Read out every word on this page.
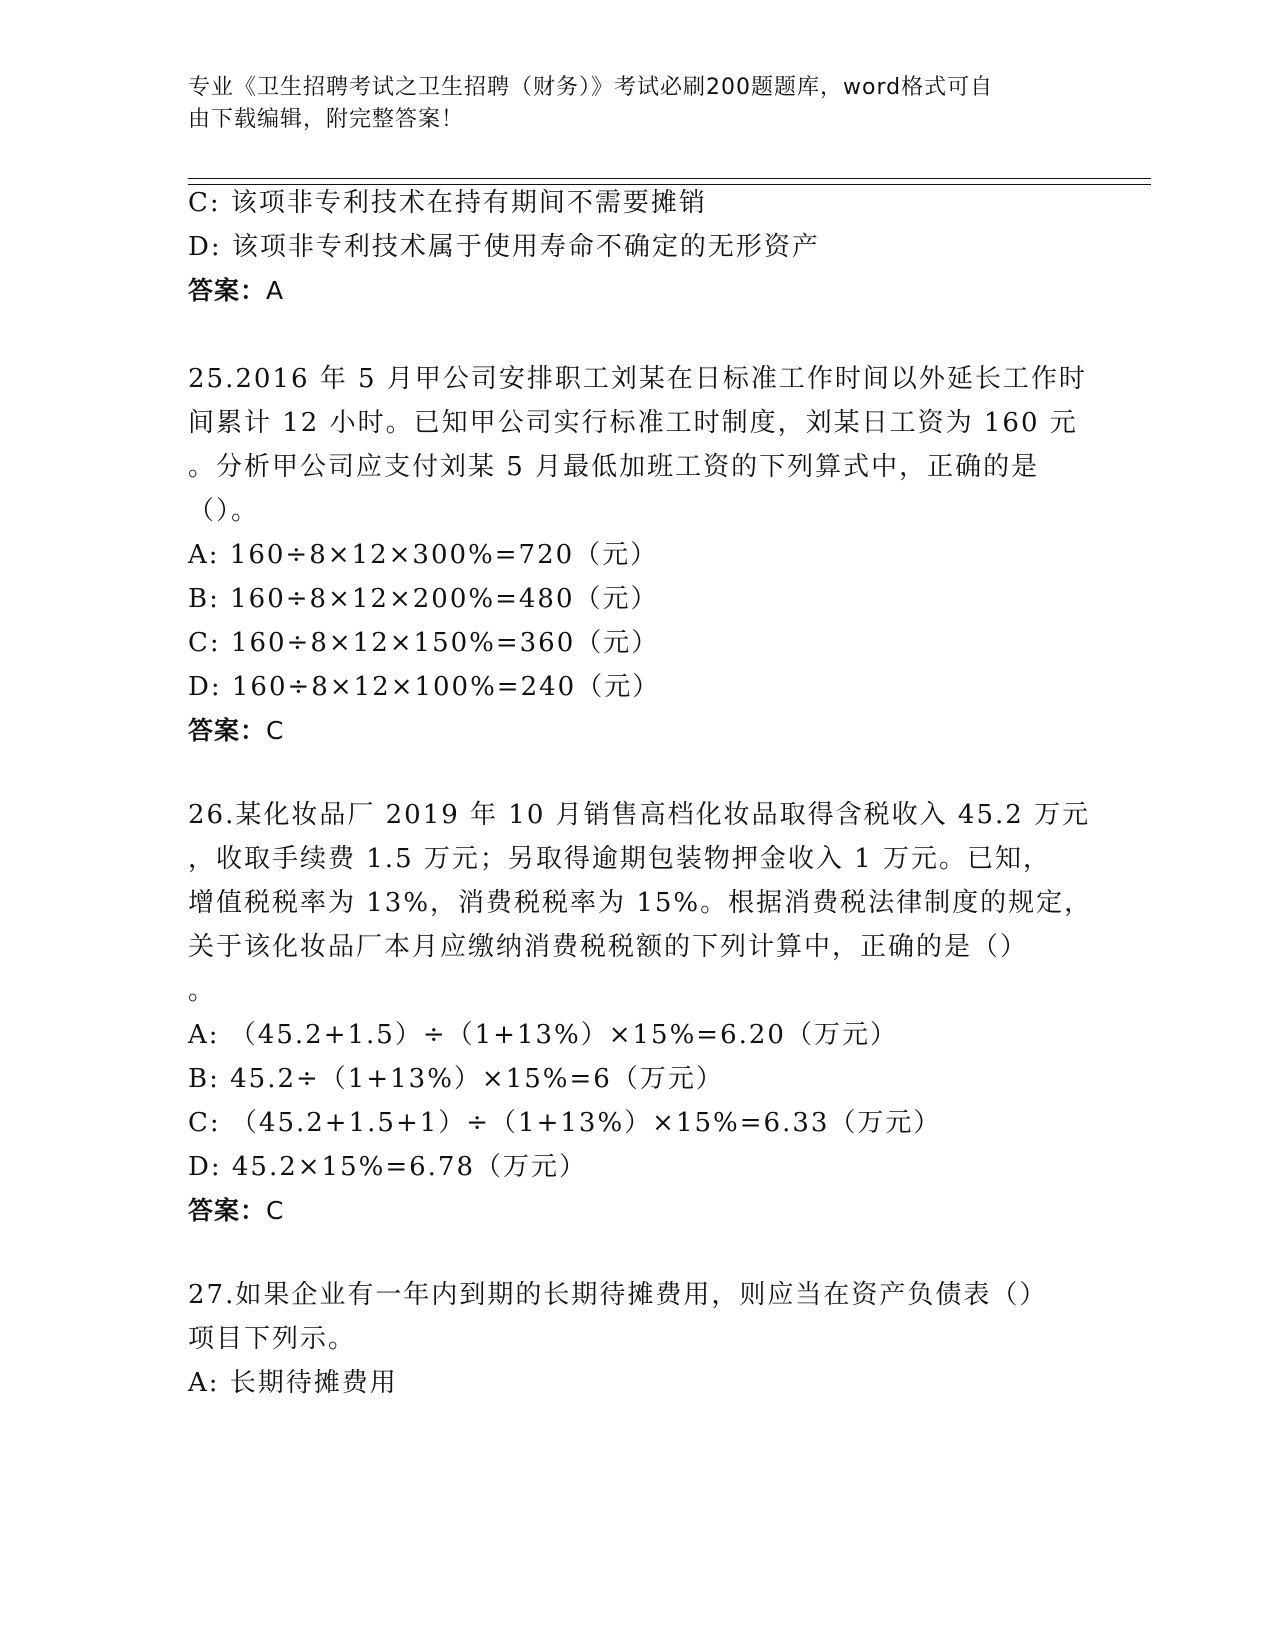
专业《卫生招聘考试之卫生招聘（财务）》考试必刷200题题库，word格式可自
由下载编辑，附完整答案！
C: 该项非专利技术在持有期间不需要摊销
D: 该项非专利技术属于使用寿命不确定的无形资产
答案：A
25.2016 年 5 月甲公司安排职工刘某在日标准工作时间以外延长工作时
间累计 12 小时。已知甲公司实行标准工时制度，刘某日工资为 160 元
。分析甲公司应支付刘某 5 月最低加班工资的下列算式中，正确的是
（）。
A: 160÷8×12×300%=720（元）
B: 160÷8×12×200%=480（元）
C: 160÷8×12×150%=360（元）
D: 160÷8×12×100%=240（元）
答案：C
26.某化妆品厂 2019 年 10 月销售高档化妆品取得含税收入 45.2 万元
，收取手续费 1.5 万元；另取得逾期包装物押金收入 1 万元。已知，
增值税税率为 13%，消费税税率为 15%。根据消费税法律制度的规定，
关于该化妆品厂本月应缴纳消费税税额的下列计算中，正确的是（）
。
A: （45.2+1.5）÷（1+13%）×15%=6.20（万元）
B: 45.2÷（1+13%）×15%=6（万元）
C: （45.2+1.5+1）÷（1+13%）×15%=6.33（万元）
D: 45.2×15%=6.78（万元）
答案：C
27.如果企业有一年内到期的长期待摊费用，则应当在资产负债表（）
项目下列示。
A: 长期待摊费用
